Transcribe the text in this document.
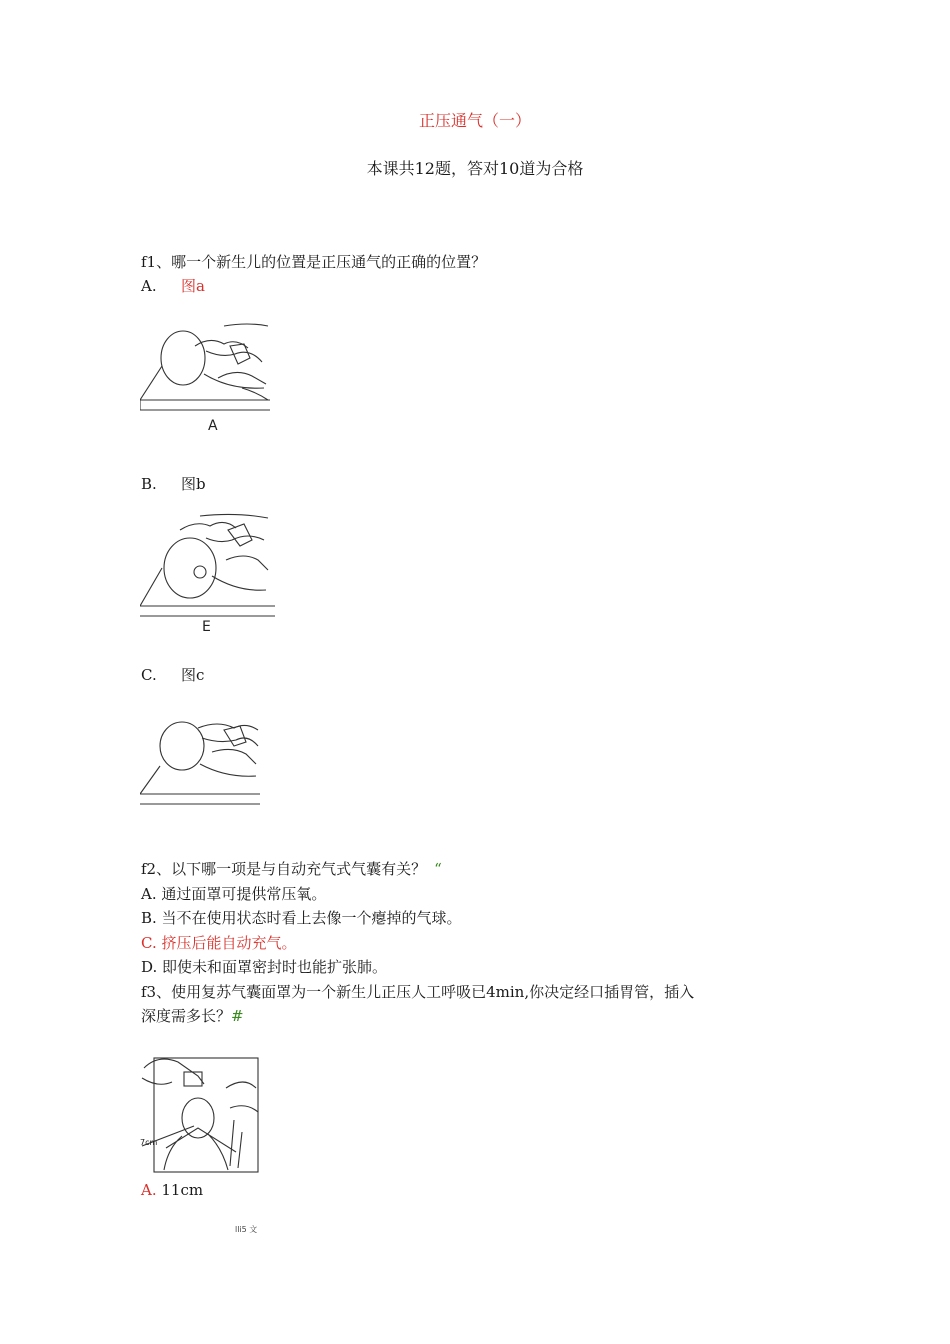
正压通气（一）
本课共12题，答对10道为合格
f1、哪一个新生儿的位置是正压通气的正确的位置？
A. 图a
A
B. 图b
E
C. 图c
f2、以下哪一项是与自动充气式气囊有关？ “
A. 通过面罩可提供常压氧。
B. 当不在使用状态时看上去像一个瘪掉的气球。
C. 挤压后能自动充气。
D. 即使未和面罩密封时也能扩张肺。
f3、使用复苏气囊面罩为一个新生儿正压人工呼吸已4min,你决定经口插胃管，插入
深度需多长？#
7cm
A. 11cm
lli5 文
